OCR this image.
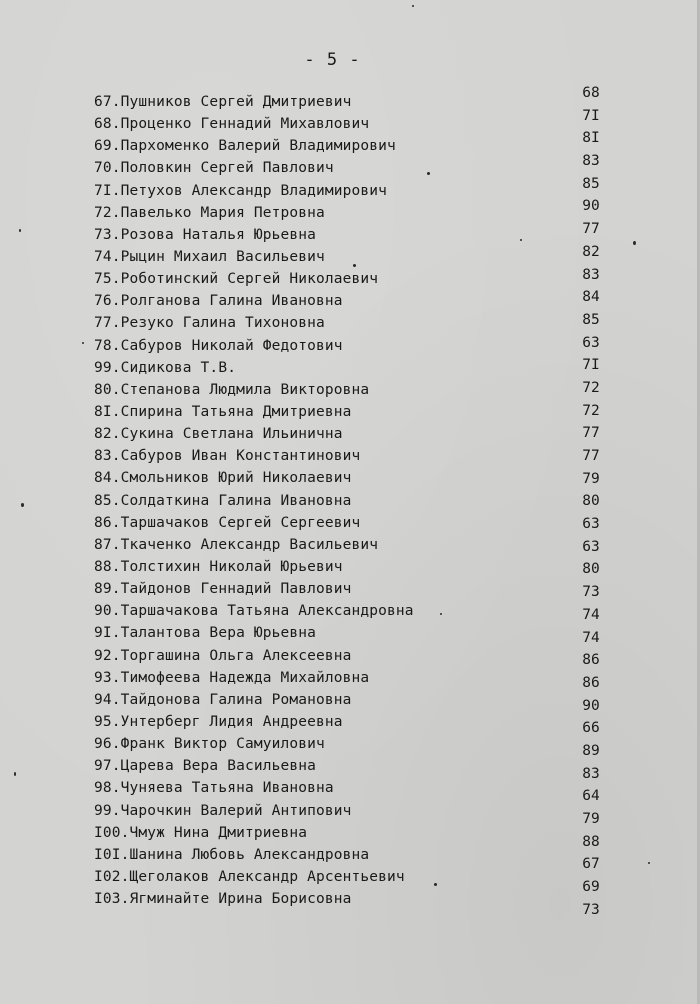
- 5 -
67.Пушников Сергей Дмитриевич
68.Проценко Геннадий Михавлович
69.Пархоменко Валерий Владимирович
70.Половкин Сергей Павлович
7I.Петухов Александр Владимирович
72.Павелько Мария Петровна
73.Розова Наталья Юрьевна
74.Рыцин Михаил Васильевич
75.Роботинский Сергей Николаевич
76.Ролганова Галина Ивановна
77.Резуко Галина Тихоновна
78.Сабуров Николай Федотович
99.Сидикова Т.В.
80.Степанова Людмила Викторовна
8I.Спирина Татьяна Дмитриевна
82.Сукина Светлана Ильинична
83.Сабуров Иван Константинович
84.Смольников Юрий Николаевич
85.Солдаткина Галина Ивановна
86.Таршачаков Сергей Сергеевич
87.Ткаченко Александр Васильевич
88.Толстихин Николай Юрьевич
89.Тайдонов Геннадий Павлович
90.Таршачакова Татьяна Александровна
9I.Талантова Вера Юрьевна
92.Торгашина Ольга Алексеевна
93.Тимофеева Надежда Михайловна
94.Тайдонова Галина Романовна
95.Унтерберг Лидия Андреевна
96.Франк Виктор Самуилович
97.Царева Вера Васильевна
98.Чуняева Татьяна Ивановна
99.Чарочкин Валерий Антипович
I00.Чмуж Нина Дмитриевна
I0I.Шанина Любовь Александровна
I02.Щеголаков Александр Арсентьевич
I03.Ягминайте Ирина Борисовна
68
7I
8I
83
85
90
77
82
83
84
85
63
7I
72
72
77
77
79
80
63
63
80
73
74
74
86
86
90
66
89
83
64
79
88
67
69
73
